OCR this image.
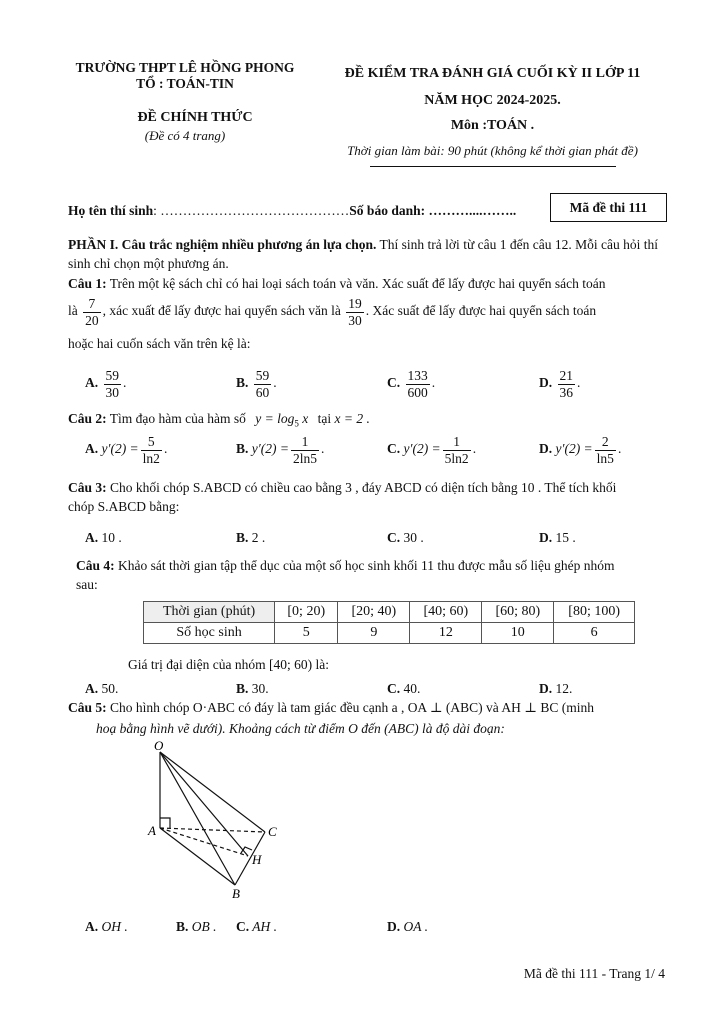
TRƯỜNG THPT LÊ HỒNG PHONG
TỔ : TOÁN-TIN
ĐỀ CHÍNH THỨC
(Đề có 4 trang)
ĐỀ KIỂM TRA ĐÁNH GIÁ CUỐI KỲ II LỚP 11
NĂM HỌC 2024-2025.
Môn :TOÁN .
Thời gian làm bài: 90 phút (không kể thời gian phát đề)
Họ tên thí sinh: ……………………………………Số báo danh: ………....……..	Mã đề thi 111
PHẦN I. Câu trắc nghiệm nhiều phương án lựa chọn. Thí sinh trả lời từ câu 1 đến câu 12. Mỗi câu hỏi thí sinh chỉ chọn một phương án.
Câu 1: Trên một kệ sách chỉ có hai loại sách toán và văn. Xác suất để lấy được hai quyển sách toán
là $\frac{7}{20}$ , xác xuất để lấy được hai quyển sách văn là $\frac{19}{30}$ . Xác suất để lấy được hai quyển sách toán
hoặc hai cuốn sách văn trên kệ là:
A. $\frac{59}{30}$ .	B. $\frac{59}{60}$ .	C. $\frac{133}{600}$ .	D. $\frac{21}{36}$ .
Câu 2: Tìm đạo hàm của hàm số $y = \log_5 x$ tại x = 2 .
A. $y'(2) = \frac{5}{\ln 2}$ .	B. $y'(2) = \frac{1}{2\ln 5}$ .	C. $y'(2) = \frac{1}{5\ln 2}$ .	D. $y'(2) = \frac{2}{\ln 5}$ .
Câu 3: Cho khối chóp S.ABCD có chiều cao bằng 3 , đáy ABCD có diện tích bằng 10 . Thể tích khối
chóp S.ABCD bằng:
A. 10 .	B. 2 .	C. 30 .	D. 15 .
Câu 4: Khảo sát thời gian tập thể dục của một số học sinh khối 11 thu được mẫu số liệu ghép nhóm
sau:
Thời gian (phút)	[0; 20)	[20; 40)	[40; 60)	[60; 80)	[80; 100)
Số học sinh	5	9	12	10	6
Giá trị đại diện của nhóm [40; 60) là:
A. 50.	B. 30.	C. 40.	D. 12.
Câu 5: Cho hình chóp O·ABC có đáy là tam giác đều cạnh a , OA ⊥ (ABC) và AH ⊥ BC (minh
hoạ bằng hình vẽ dưới). Khoảng cách từ điểm O đến (ABC) là độ dài đoạn:
O
A	C
H
B
A. OH .	B. OB . C. AH .	D. OA .
Mã đề thi 111 - Trang 1/ 4
